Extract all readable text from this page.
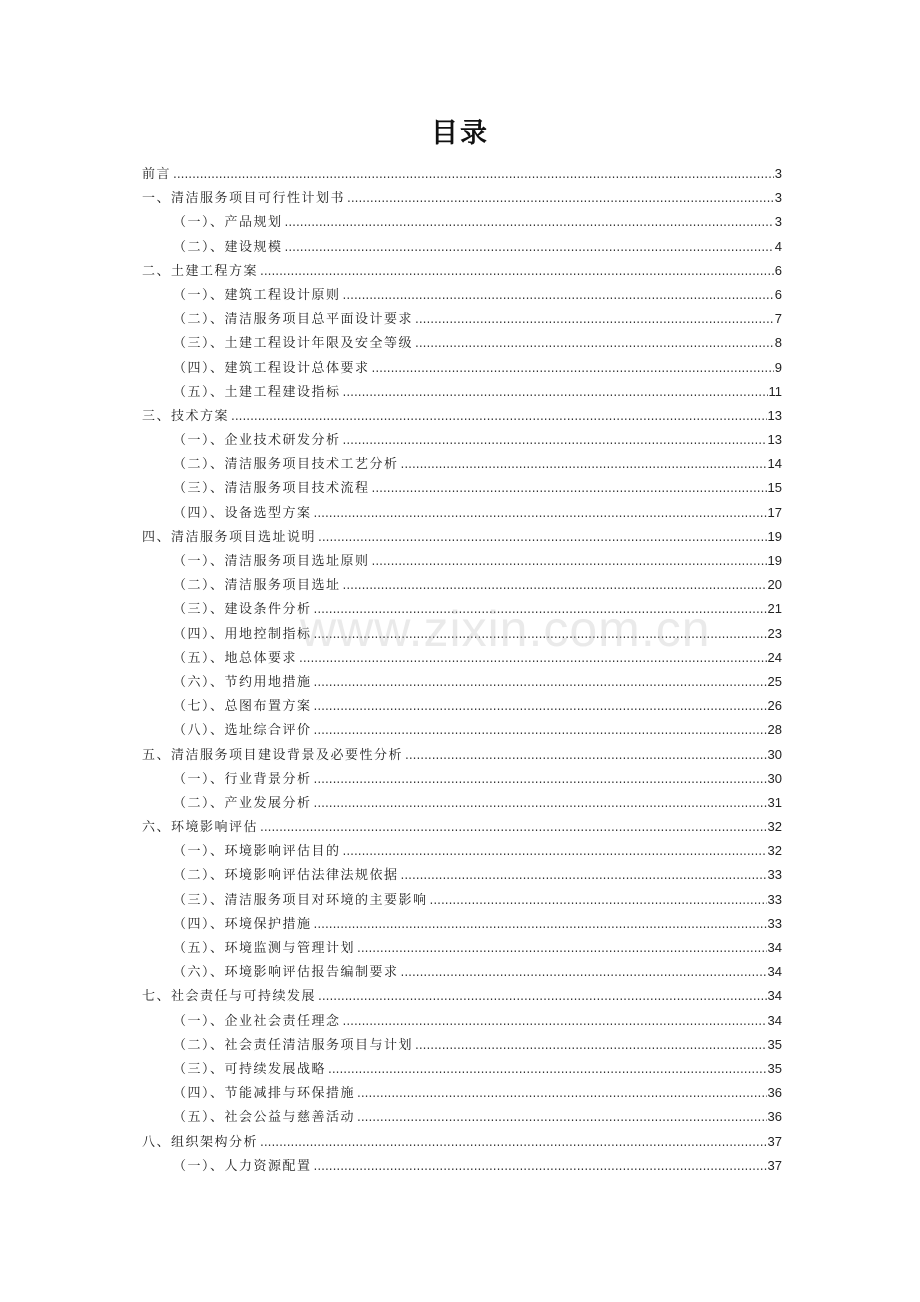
目录
前言 .....	3
一、清洁服务项目可行性计划书 .....	3
（一）、产品规划 .....	3
（二）、建设规模 .....	4
二、土建工程方案 .....	6
（一）、建筑工程设计原则 .....	6
（二）、清洁服务项目总平面设计要求 .....	7
（三）、土建工程设计年限及安全等级 .....	8
（四）、建筑工程设计总体要求 .....	9
（五）、土建工程建设指标 .....	11
三、技术方案 .....	13
（一）、企业技术研发分析 .....	13
（二）、清洁服务项目技术工艺分析 .....	14
（三）、清洁服务项目技术流程 .....	15
（四）、设备选型方案 .....	17
四、清洁服务项目选址说明 .....	19
（一）、清洁服务项目选址原则 .....	19
（二）、清洁服务项目选址 .....	20
（三）、建设条件分析 .....	21
（四）、用地控制指标 .....	23
（五）、地总体要求 .....	24
（六）、节约用地措施 .....	25
（七）、总图布置方案 .....	26
（八）、选址综合评价 .....	28
五、清洁服务项目建设背景及必要性分析 .....	30
（一）、行业背景分析 .....	30
（二）、产业发展分析 .....	31
六、环境影响评估 .....	32
（一）、环境影响评估目的 .....	32
（二）、环境影响评估法律法规依据 .....	33
（三）、清洁服务项目对环境的主要影响 .....	33
（四）、环境保护措施 .....	33
（五）、环境监测与管理计划 .....	34
（六）、环境影响评估报告编制要求 .....	34
七、社会责任与可持续发展 .....	34
（一）、企业社会责任理念 .....	34
（二）、社会责任清洁服务项目与计划 .....	35
（三）、可持续发展战略 .....	35
（四）、节能减排与环保措施 .....	36
（五）、社会公益与慈善活动 .....	36
八、组织架构分析 .....	37
（一）、人力资源配置 .....	37
www.zixin.com.cn
